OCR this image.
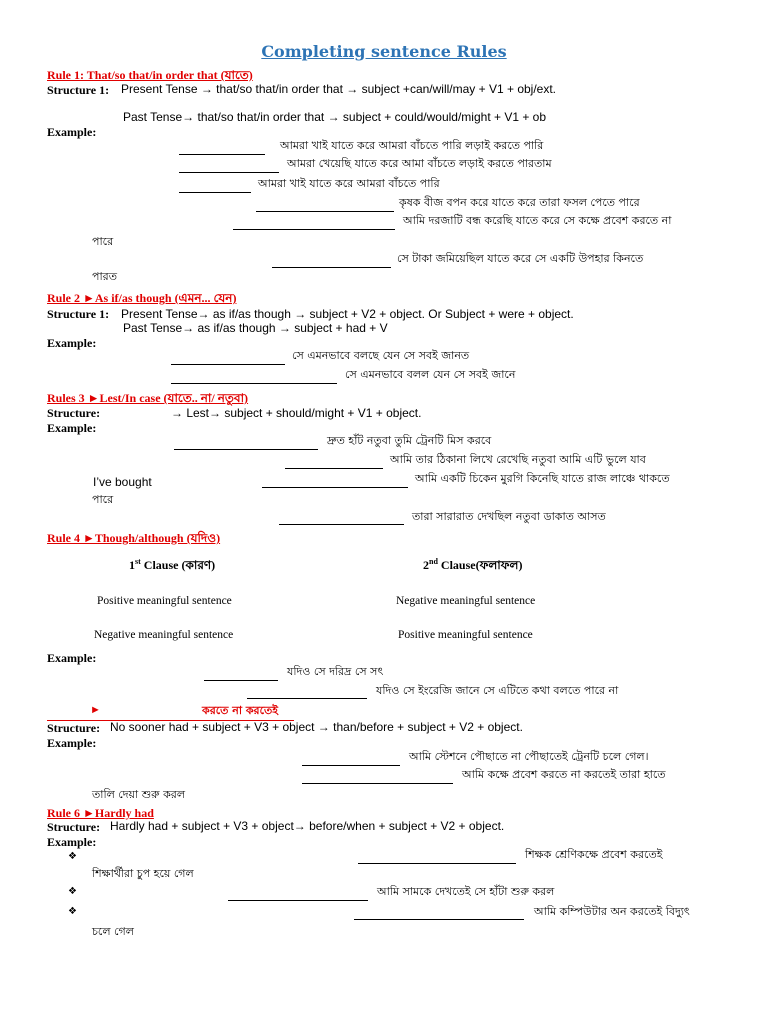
Completing sentence Rules
Rule 1: That/so that/in order that (যাতে)
Structure 1: Present Tense → that/so that/in order that → subject +can/will/may + V1 + obj/ext.
Past Tense→ that/so that/in order that → subject + could/would/might + V1 + ob
Example:
আমরা খাই যাতে করে আমরা বাঁচতে পারি লড়াই করতে পারি
আমরা খেয়েছি যাতে করে আমা বাঁচতে লড়াই করতে পারতাম
আমরা খাই যাতে করে আমরা বাঁচতে পারি
কৃষক বীজ বপন করে যাতে করে তারা ফসল পেতে পারে
আমি দরজাটি বন্ধ করেছি যাতে করে সে কক্ষে প্রবেশ করতে না
পারে
সে টাকা জমিয়েছিল যাতে করে সে একটি উপহার কিনতে
পারত
Rule 2 ►As if/as though (এমন... যেন)
Structure 1: Present Tense→ as if/as though → subject + V2 + object. Or Subject + were + object.
Past Tense→ as if/as though → subject + had + V
Example:
সে এমনভাবে বলছে যেন সে সবই জানত
সে এমনভাবে বলল যেন সে সবই জানে
Rules 3 ►Lest/In case (যাতে.. না/ নতুবা)
Structure:	→ Lest→ subject + should/might + V1 + object.
Example:
দ্রুত হাঁট নতুবা তুমি ট্রেনটি মিস করবে
আমি তার ঠিকানা লিখে রেখেছি নতুবা আমি এটি ভুলে যাব
I’ve bought	আমি একটি চিকেন মুরগি কিনেছি যাতে রাজ লাঞ্চে থাকতে
পারে
তারা সারারাত দেখছিল নতুবা ডাকাত আসত
Rule 4 ►Though/although (যদিও)
1st Clause (কারণ)	2nd Clause(ফলাফল)
Positive meaningful sentence	Negative meaningful sentence
Negative meaningful sentence	Positive meaningful sentence
Example:
যদিও সে দরিদ্র সে সৎ
যদিও সে ইংরেজি জানে সে এটিতে কথা বলতে পারে না
►	করতে না করতেই
Structure: No sooner had + subject + V3 + object → than/before + subject + V2 + object.
Example:
আমি স্টেশনে পৌছাতে না পৌছাতেই ট্রেনটি চলে গেল।
আমি কক্ষে প্রবেশ করতে না করতেই তারা হাতে
তালি দেয়া শুরু করল
Rule 6 ►Hardly had
Structure: Hardly had + subject + V3 + object→ before/when + subject + V2 + object.
Example:
❖	শিক্ষক শ্রেণিকক্ষে প্রবেশ করতেই
শিক্ষার্থীরা চুপ হয়ে গেল
❖	আমি সামকে দেখতেই সে হাঁটা শুরু করল
❖	আমি কম্পিউটার অন করতেই বিদ্যুৎ
চলে গেল
